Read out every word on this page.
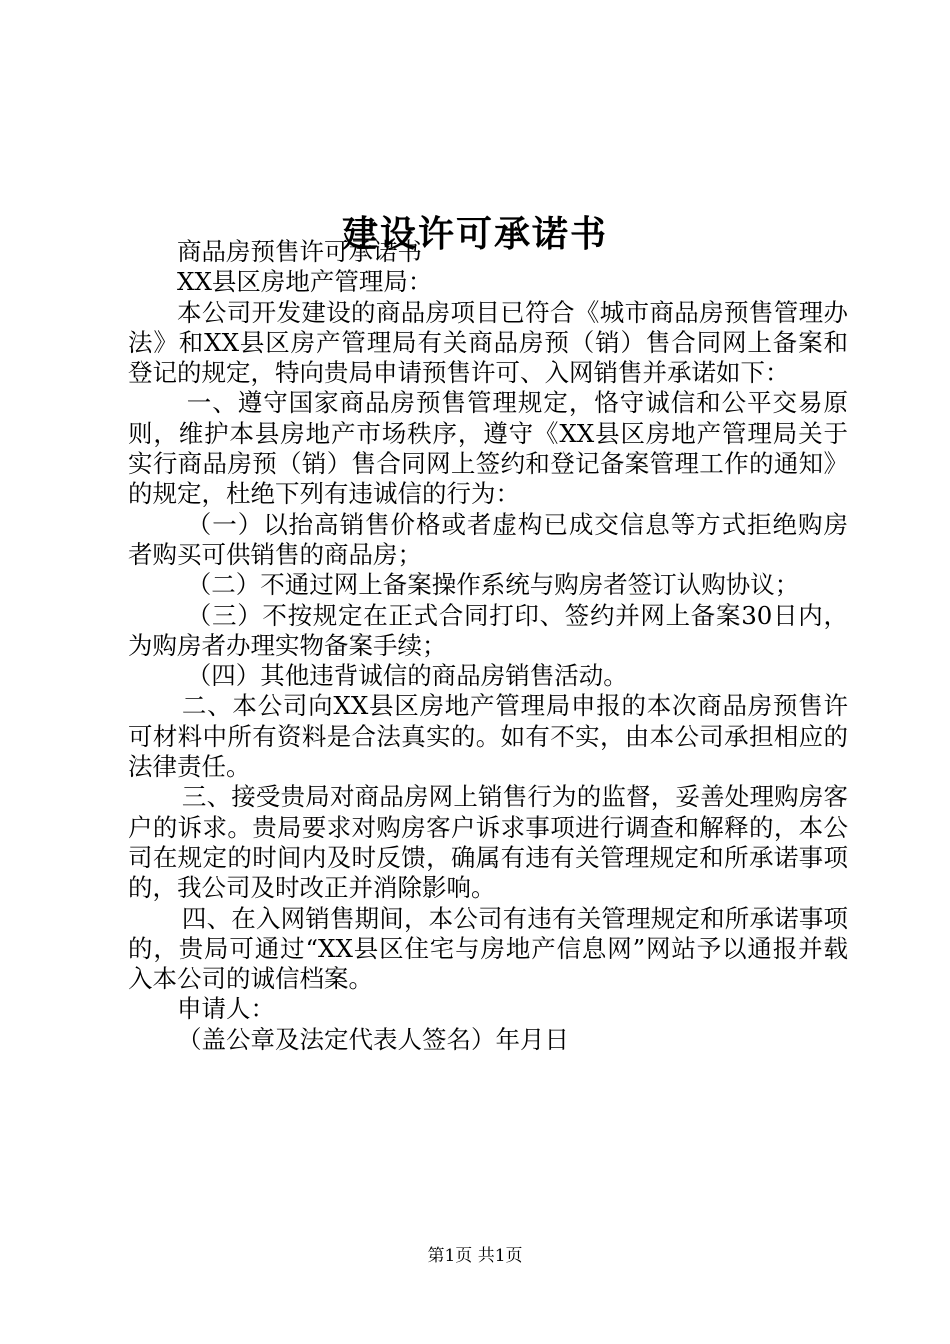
建设许可承诺书

商品房预售许可承诺书

XX县区房地产管理局：

本公司开发建设的商品房项目已符合《城市商品房预售管理办法》和XX县区房产管理局有关商品房预（销）售合同网上备案和登记的规定，特向贵局申请预售许可、入网销售并承诺如下：

一、遵守国家商品房预售管理规定，恪守诚信和公平交易原则，维护本县房地产市场秩序，遵守《XX县区房地产管理局关于实行商品房预（销）售合同网上签约和登记备案管理工作的通知》的规定，杜绝下列有违诚信的行为：

（一）以抬高销售价格或者虚构已成交信息等方式拒绝购房者购买可供销售的商品房；

（二）不通过网上备案操作系统与购房者签订认购协议；

（三）不按规定在正式合同打印、签约并网上备案30日内，为购房者办理实物备案手续；

（四）其他违背诚信的商品房销售活动。

二、本公司向XX县区房地产管理局申报的本次商品房预售许可材料中所有资料是合法真实的。如有不实，由本公司承担相应的法律责任。

三、接受贵局对商品房网上销售行为的监督，妥善处理购房客户的诉求。贵局要求对购房客户诉求事项进行调查和解释的，本公司在规定的时间内及时反馈，确属有违有关管理规定和所承诺事项的，我公司及时改正并消除影响。

四、在入网销售期间，本公司有违有关管理规定和所承诺事项的，贵局可通过“XX县区住宅与房地产信息网”网站予以通报并载入本公司的诚信档案。

申请人：

（盖公章及法定代表人签名）年月日

第1页 共1页
